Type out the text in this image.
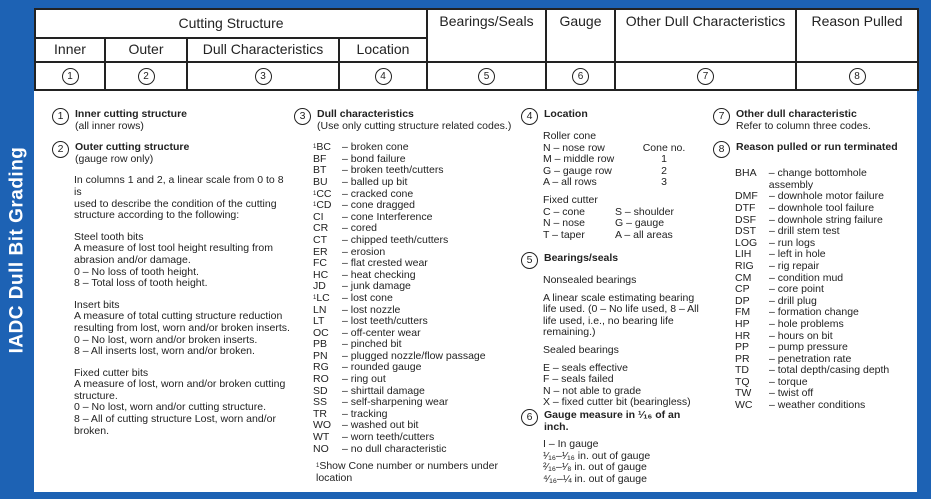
IADC Dull Bit Grading
Cutting Structure				Bearings/Seals	Gauge	Other Dull Characteristics	Reason Pulled
Inner	Outer	Dull Characteristics	Location				
1	2	3	4	5	6	7	8
1	Inner cutting structure
(all inner rows)
2	Outer cutting structure
(gauge row only)
In columns 1 and 2, a linear scale from 0 to 8 is
used to describe the condition of the cutting
structure according to the following:
Steel tooth bits
A measure of lost tool height resulting from
abrasion and/or damage.
0 – No loss of tooth height.
8 – Total loss of tooth height.
Insert bits
A measure of total cutting structure reduction
resulting from lost, worn and/or broken inserts.
0 – No lost, worn and/or broken inserts.
8 – All inserts lost, worn and/or broken.
Fixed cutter bits
A measure of lost, worn and/or broken cutting
structure.
0 – No lost, worn and/or cutting structure.
8 – All of cutting structure Lost, worn and/or
broken.
3	Dull characteristics
(Use only cutting structure related codes.)
$^1$BC	– broken cone
BF	– bond failure
BT	– broken teeth/cutters
BU	– balled up bit
$^1$CC – cracked cone
$^1$CD – cone dragged
CI	– cone Interference
CR	– cored
CT	– chipped teeth/cutters
ER	– erosion
FC	– flat crested wear
HC	– heat checking
JD	– junk damage
$^1$LC	– lost cone
LN	– lost nozzle
LT	– lost teeth/cutters
OC	– off-center wear
PB	– pinched bit
PN	– plugged nozzle/flow passage
RG	– rounded gauge
RO	– ring out
SD	– shirttail damage
SS	– self-sharpening wear
TR	– tracking
WO	– washed out bit
WT	– worn teeth/cutters
NO	– no dull characteristic
$^1$Show Cone number or numbers under location
4	Location
Roller cone
N – nose row	Cone no.
M – middle row	1
G – gauge row	2
A – all rows	3
Fixed cutter
C – cone	S – shoulder
N – nose	G – gauge
T – taper	A – all areas
5	Bearings/seals
Nonsealed bearings
A linear scale estimating bearing
life used. (0 – No life used, 8 – All
life used, i.e., no bearing life
remaining.)
Sealed bearings
E – seals effective
F – seals failed
N – not able to grade
X – fixed cutter bit (bearingless)
6	Gauge measure in ¹⁄₁₆ of an inch.
I – In gauge
¹⁄₁₆–¹⁄₁₆ in. out of gauge
²⁄₁₆–¹⁄₈ in. out of gauge
⁴⁄₁₆–¼ in. out of gauge
7	Other dull characteristic
Refer to column three codes.
8	Reason pulled or run terminated
BHA	– change bottomhole assembly
DMF	– downhole motor failure
DTF	– downhole tool failure
DSF	– downhole string failure
DST	– drill stem test
LOG	– run logs
LIH	– left in hole
RIG	– rig repair
CM	– condition mud
CP	– core point
DP	– drill plug
FM	– formation change
HP	– hole problems
HR	– hours on bit
PP	– pump pressure
PR	– penetration rate
TD	– total depth/casing depth
TQ	– torque
TW	– twist off
WC	– weather conditions
